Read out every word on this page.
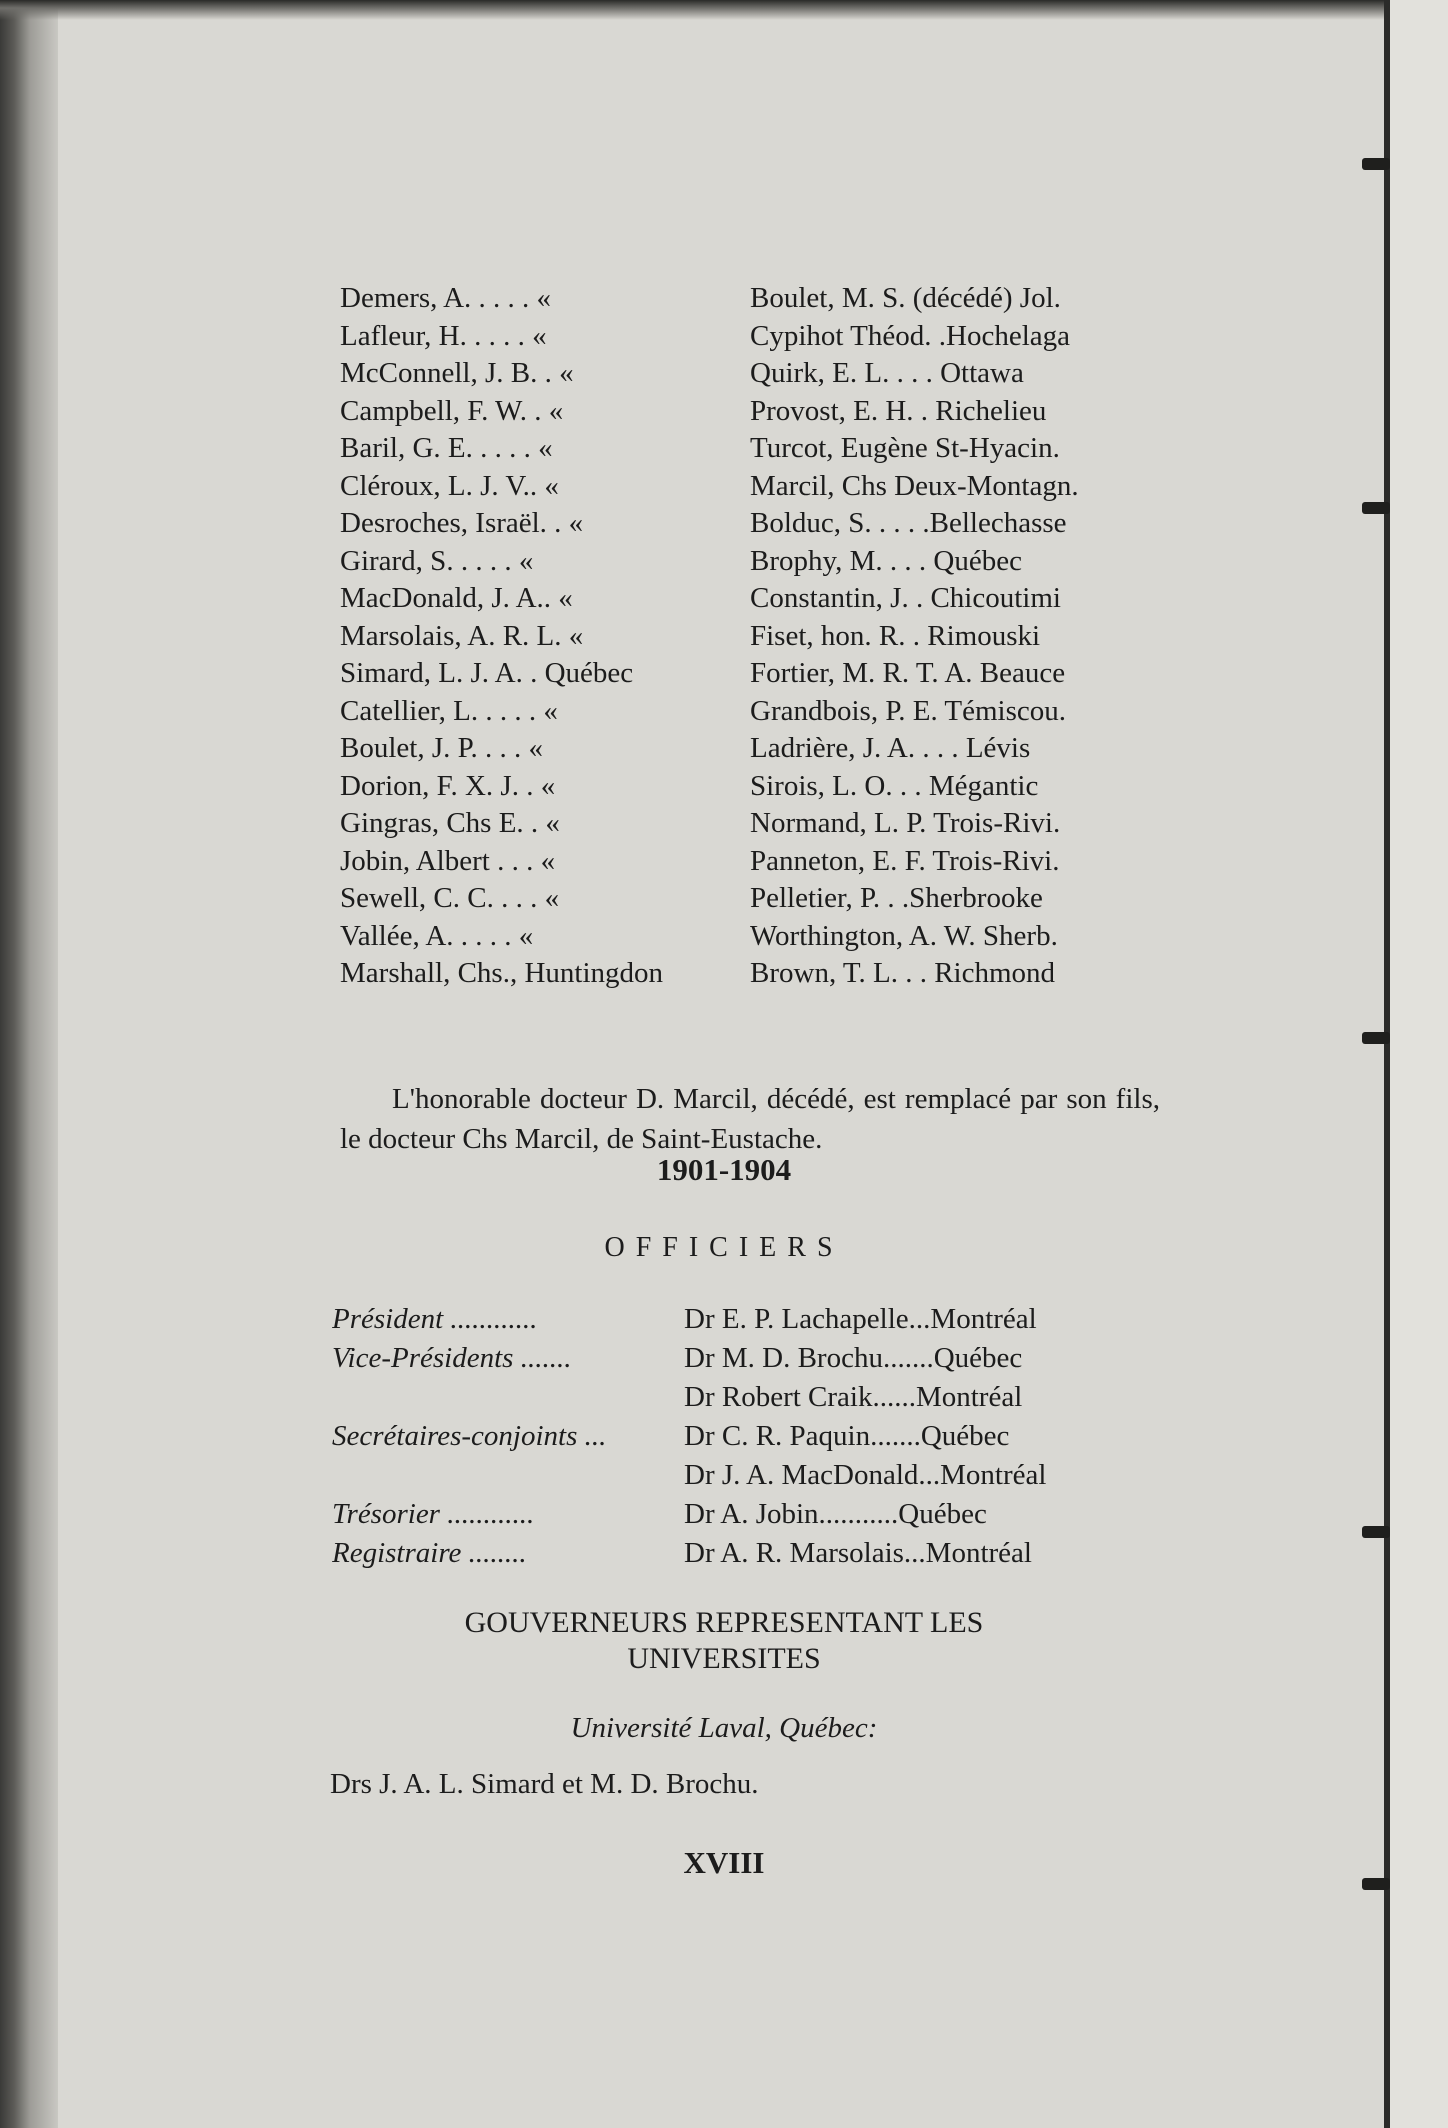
Demers, A. . . . . «	Boulet, M. S. (décédé) Jol.
Lafleur, H. . . . . «	Cypihot Théod. .Hochelaga
McConnell, J. B. . «	Quirk, E. L. . . . Ottawa
Campbell, F. W. . «	Provost, E. H. . Richelieu
Baril, G. E. . . . . «	Turcot, Eugène St-Hyacin.
Cléroux, L. J. V.. «	Marcil, Chs Deux-Montagn.
Desroches, Israël. . «	Bolduc, S. . . . .Bellechasse
Girard, S. . . . . «	Brophy, M. . . . Québec
MacDonald, J. A.. «	Constantin, J. . Chicoutimi
Marsolais, A. R. L. «	Fiset, hon. R. . Rimouski
Simard, L. J. A. . Québec	Fortier, M. R. T. A. Beauce
Catellier, L. . . . . «	Grandbois, P. E. Témiscou.
Boulet, J. P. . . . «	Ladrière, J. A. . . . Lévis
Dorion, F. X. J. . «	Sirois, L. O. . . Mégantic
Gingras, Chs E. . «	Normand, L. P. Trois-Rivi.
Jobin, Albert . . . «	Panneton, E. F. Trois-Rivi.
Sewell, C. C. . . . «	Pelletier, P. . .Sherbrooke
Vallée, A. . . . . «	Worthington, A. W. Sherb.
Marshall, Chs., Huntingdon	Brown, T. L. . . Richmond

L'honorable docteur D. Marcil, décédé, est remplacé par son fils, le docteur Chs Marcil, de Saint-Eustache.

1901-1904
OFFICIERS
Président ............	Dr E. P. Lachapelle...Montréal
Vice-Présidents .......	Dr M. D. Brochu.......Québec
Dr Robert Craik......Montréal
Secrétaires-conjoints ...	Dr C. R. Paquin.......Québec
Dr J. A. MacDonald...Montréal
Trésorier ............	Dr A. Jobin...........Québec
Registraire ........	Dr A. R. Marsolais...Montréal
GOUVERNEURS REPRESENTANT LES
UNIVERSITES
Université Laval, Québec:
Drs J. A. L. Simard et M. D. Brochu.
XVIII
